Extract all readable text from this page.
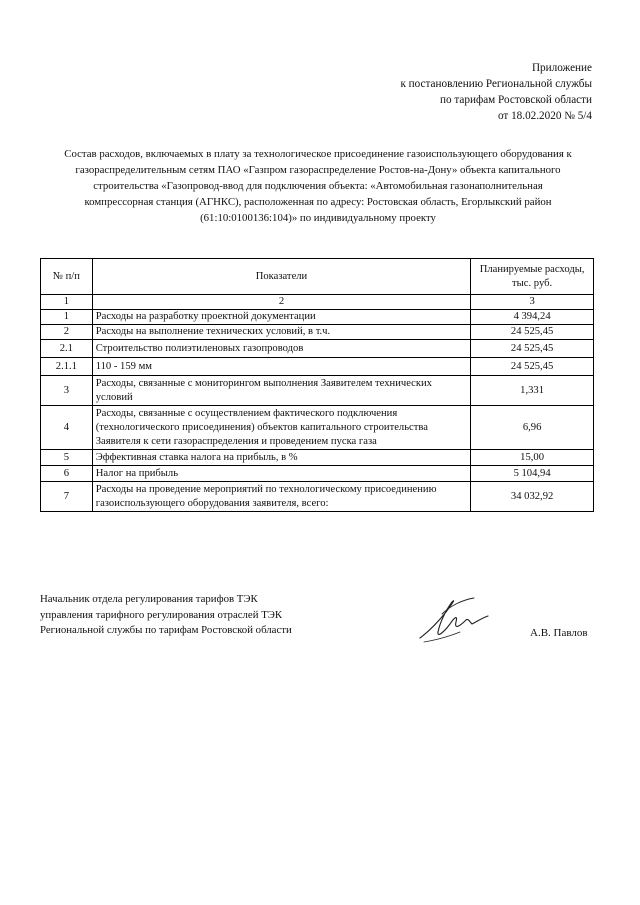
Приложение
к постановлению Региональной службы
по тарифам Ростовской области
от 18.02.2020 № 5/4
Состав расходов, включаемых в плату за технологическое присоединение газоиспользующего оборудования к
газораспределительным сетям ПАО «Газпром газораспределение Ростов-на-Дону» объекта капитального
строительства «Газопровод-ввод для подключения объекта: «Автомобильная газонаполнительная
компрессорная станция (АГНКС), расположенная по адресу: Ростовская область, Егорлыкский район
(61:10:0100136:104)» по индивидуальному проекту
№ п/п	Показатели	Планируемые расходы, тыс. руб.
1	2	3
1	Расходы на разработку проектной документации	4 394,24
2	Расходы на выполнение технических условий, в т.ч.	24 525,45
2.1	Строительство полиэтиленовых газопроводов	24 525,45
2.1.1	110 - 159 мм	24 525,45
3	Расходы, связанные с мониторингом выполнения Заявителем технических условий	1,331
4	Расходы, связанные с осуществлением фактического подключения (технологического присоединения) объектов капитального строительства Заявителя к сети газораспределения и проведением пуска газа	6,96
5	Эффективная ставка налога на прибыль, в %	15,00
6	Налог на прибыль	5 104,94
7	Расходы на проведение мероприятий по технологическому присоединению газоиспользующего оборудования заявителя, всего:	34 032,92
Начальник отдела регулирования тарифов ТЭК
управления тарифного регулирования отраслей ТЭК
Региональной службы по тарифам Ростовской области	А.В. Павлов
